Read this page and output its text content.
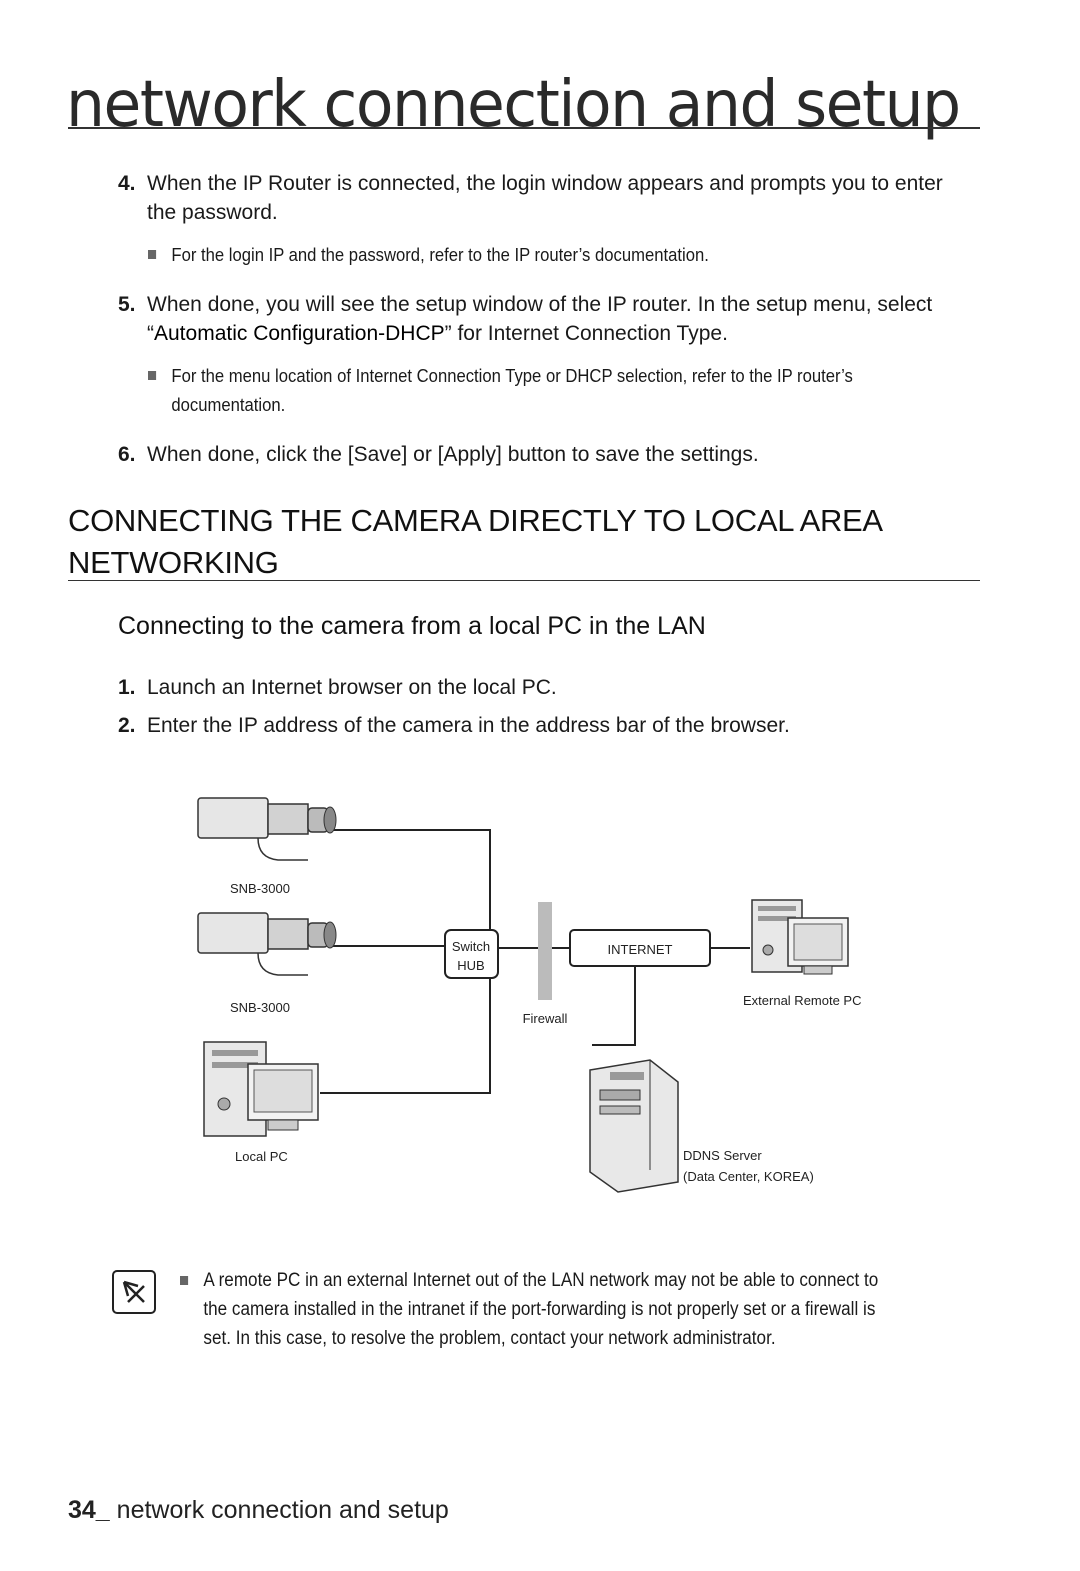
network connection and setup
4. When the IP Router is connected, the login window appears and prompts you to enter the password.
For the login IP and the password, refer to the IP router’s documentation.
5. When done, you will see the setup window of the IP router. In the setup menu, select “Automatic Configuration-DHCP” for Internet Connection Type.
For the menu location of Internet Connection Type or DHCP selection, refer to the IP router’s documentation.
6. When done, click the [Save] or [Apply] button to save the settings.
CONNECTING THE CAMERA DIRECTLY TO LOCAL AREA NETWORKING
Connecting to the camera from a local PC in the LAN
1. Launch an Internet browser on the local PC.
2. Enter the IP address of the camera in the address bar of the browser.
SNB-3000
SNB-3000
Local PC
Switch
HUB
Firewall
INTERNET
External Remote PC
DDNS Server
(Data Center, KOREA)
A remote PC in an external Internet out of the LAN network may not be able to connect to the camera installed in the intranet if the port-forwarding is not properly set or a firewall is set. In this case, to resolve the problem, contact your network administrator.
34_ network connection and setup
